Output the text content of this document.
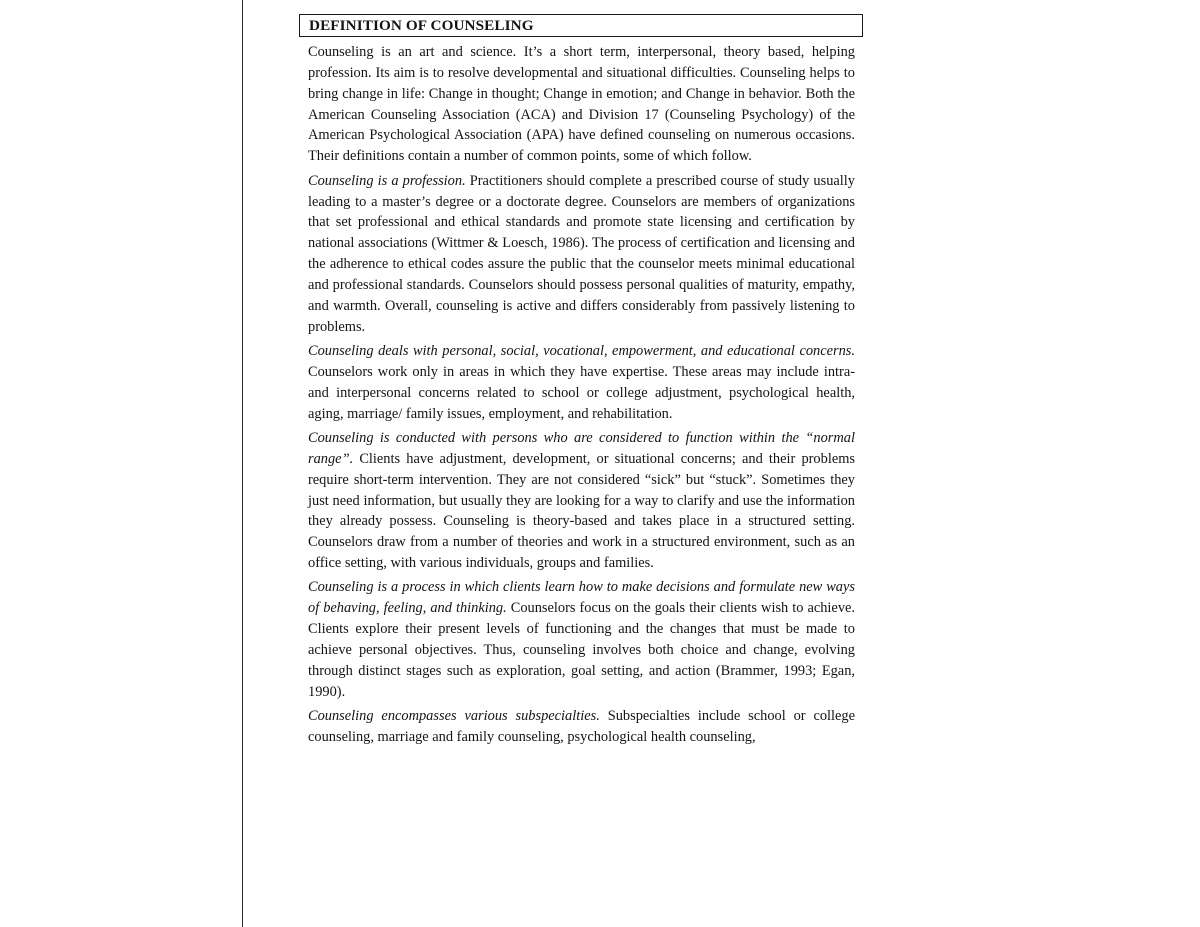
DEFINITION OF COUNSELING

Counseling is an art and science. It’s a short term, interpersonal, theory based, helping profession. Its aim is to resolve developmental and situational difficulties. Counseling helps to bring change in life: Change in thought; Change in emotion; and Change in behavior. Both the American Counseling Association (ACA) and Division 17 (Counseling Psychology) of the American Psychological Association (APA) have defined counseling on numerous occasions. Their definitions contain a number of common points, some of which follow.

Counseling is a profession. Practitioners should complete a prescribed course of study usually leading to a master’s degree or a doctorate degree. Counselors are members of organizations that set professional and ethical standards and promote state licensing and certification by national associations (Wittmer & Loesch, 1986). The process of certification and licensing and the adherence to ethical codes assure the public that the counselor meets minimal educational and professional standards. Counselors should possess personal qualities of maturity, empathy, and warmth. Overall, counseling is active and differs considerably from passively listening to problems.

Counseling deals with personal, social, vocational, empowerment, and educational concerns. Counselors work only in areas in which they have expertise. These areas may include intra- and interpersonal concerns related to school or college adjustment, psychological health, aging, marriage/ family issues, employment, and rehabilitation.

Counseling is conducted with persons who are considered to function within the “normal range”. Clients have adjustment, development, or situational concerns; and their problems require short-term intervention. They are not considered “sick” but “stuck”. Sometimes they just need information, but usually they are looking for a way to clarify and use the information they already possess. Counseling is theory-based and takes place in a structured setting. Counselors draw from a number of theories and work in a structured environment, such as an office setting, with various individuals, groups and families.

Counseling is a process in which clients learn how to make decisions and formulate new ways of behaving, feeling, and thinking. Counselors focus on the goals their clients wish to achieve. Clients explore their present levels of functioning and the changes that must be made to achieve personal objectives. Thus, counseling involves both choice and change, evolving through distinct stages such as exploration, goal setting, and action (Brammer, 1993; Egan, 1990).

Counseling encompasses various subspecialties. Subspecialties include school or college counseling, marriage and family counseling, psychological health counseling,
